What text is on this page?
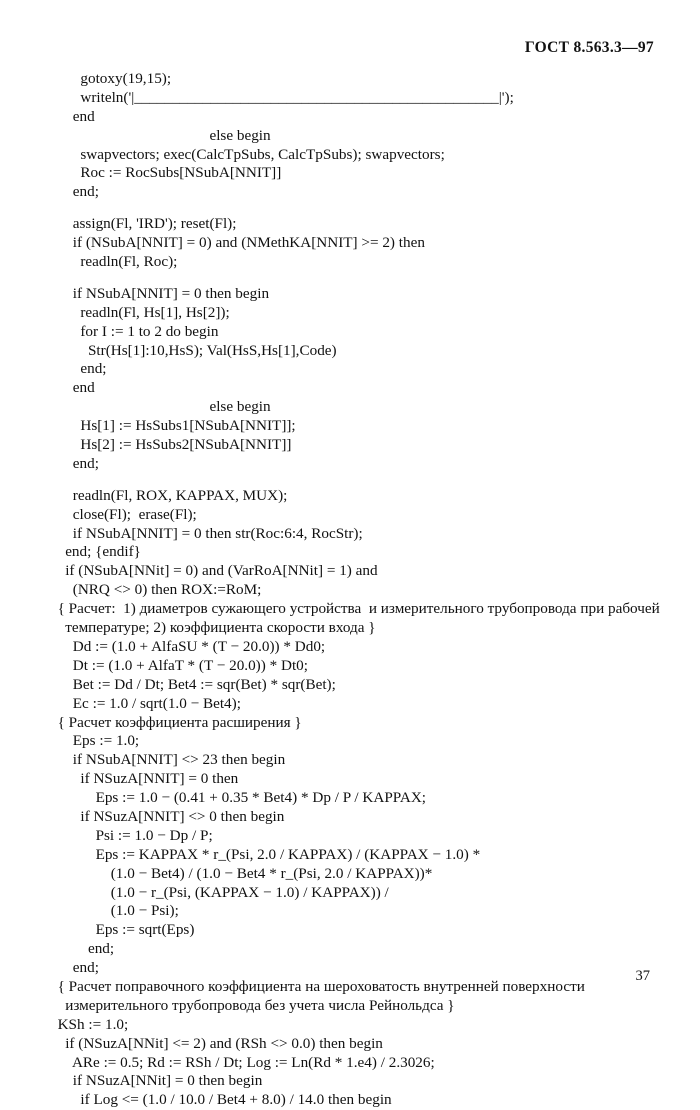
ГОСТ 8.563.3—97
gotoxy(19,15);
writeln('|________________________________________________|');
end
else begin
swapvectors; exec(CalcTpSubs, CalcTpSubs); swapvectors;
Roc := RocSubs[NSubA[NNIT]]
end;
assign(Fl, 'IRD'); reset(Fl);
if (NSubA[NNIT] = 0) and (NMethKA[NNIT] >= 2) then
readln(Fl, Roc);
if NSubA[NNIT] = 0 then begin
readln(Fl, Hs[1], Hs[2]);
for I := 1 to 2 do begin
Str(Hs[1]:10,HsS); Val(HsS,Hs[1],Code)
end;
end
else begin
Hs[1] := HsSubs1[NSubA[NNIT]];
Hs[2] := HsSubs2[NSubA[NNIT]]
end;
readln(Fl, ROX, KAPPAX, MUX);
close(Fl);  erase(Fl);
if NSubA[NNIT] = 0 then str(Roc:6:4, RocStr);
end; {endif}
if (NSubA[NNit] = 0) and (VarRoA[NNit] = 1) and
(NRQ <> 0) then ROX:=RoM;
{ Расчет:  1) диаметров сужающего устройства  и измерительного трубопровода при рабочей
температуре; 2) коэффициента скорости входа }
Dd := (1.0 + AlfaSU * (T − 20.0)) * Dd0;
Dt := (1.0 + AlfaT * (T − 20.0)) * Dt0;
Bet := Dd / Dt; Bet4 := sqr(Bet) * sqr(Bet);
Ec := 1.0 / sqrt(1.0 − Bet4);
{ Расчет коэффициента расширения }
Eps := 1.0;
if NSubA[NNIT] <> 23 then begin
if NSuzA[NNIT] = 0 then
Eps := 1.0 − (0.41 + 0.35 * Bet4) * Dp / P / KAPPAX;
if NSuzA[NNIT] <> 0 then begin
Psi := 1.0 − Dp / P;
Eps := KAPPAX * r_(Psi, 2.0 / KAPPAX) / (KAPPAX − 1.0) *
(1.0 − Bet4) / (1.0 − Bet4 * r_(Psi, 2.0 / KAPPAX))*
(1.0 − r_(Psi, (KAPPAX − 1.0) / KAPPAX)) /
(1.0 − Psi);
Eps := sqrt(Eps)
end;
end;
{ Расчет поправочного коэффициента на шероховатость внутренней поверхности
измерительного трубопровода без учета числа Рейнольдса }
KSh := 1.0;
if (NSuzA[NNit] <= 2) and (RSh <> 0.0) then begin
ARe := 0.5; Rd := RSh / Dt; Log := Ln(Rd * 1.e4) / 2.3026;
if NSuzA[NNit] = 0 then begin
if Log <= (1.0 / 10.0 / Bet4 + 8.0) / 14.0 then begin
37
